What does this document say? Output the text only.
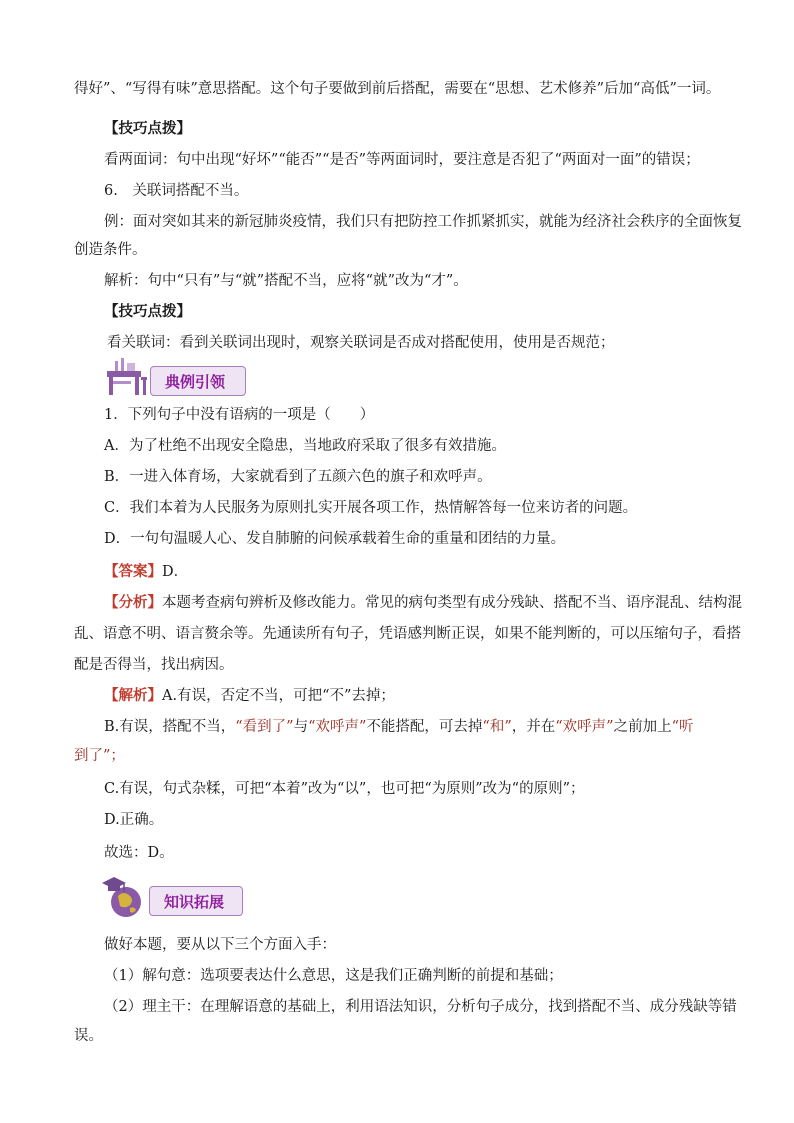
得好”、“写得有味”意思搭配。这个句子要做到前后搭配，需要在“思想、艺术修养”后加“高低”一词。
【技巧点拨】
看两面词：句中出现“好坏”“能否”“是否”等两面词时，要注意是否犯了“两面对一面”的错误；
6.　关联词搭配不当。
例：面对突如其来的新冠肺炎疫情，我们只有把防控工作抓紧抓实，就能为经济社会秩序的全面恢复
创造条件。
解析：句中“只有”与“就”搭配不当，应将“就”改为“才”。
【技巧点拨】
看关联词：看到关联词出现时，观察关联词是否成对搭配使用，使用是否规范；
典例引领
1．下列句子中没有语病的一项是（　　）
A．为了杜绝不出现安全隐患，当地政府采取了很多有效措施。
B．一进入体育场，大家就看到了五颜六色的旗子和欢呼声。
C．我们本着为人民服务为原则扎实开展各项工作，热情解答每一位来访者的问题。
D．一句句温暖人心、发自肺腑的问候承载着生命的重量和团结的力量。
【答案】D．
【分析】本题考查病句辨析及修改能力。常见的病句类型有成分残缺、搭配不当、语序混乱、结构混
乱、语意不明、语言赘余等。先通读所有句子，凭语感判断正误，如果不能判断的，可以压缩句子，看搭
配是否得当，找出病因。
【解析】A.有误，否定不当，可把“不”去掉；
B.有误，搭配不当，“看到了”与“欢呼声”不能搭配，可去掉“和”，并在“欢呼声”之前加上“听
到了”；
C.有误，句式杂糅，可把“本着”改为“以”，也可把“为原则”改为“的原则”；
D.正确。
故选：D。
知识拓展
做好本题，要从以下三个方面入手：
（1）解句意：选项要表达什么意思，这是我们正确判断的前提和基础；
（2）理主干：在理解语意的基础上，利用语法知识，分析句子成分，找到搭配不当、成分残缺等错
误。
